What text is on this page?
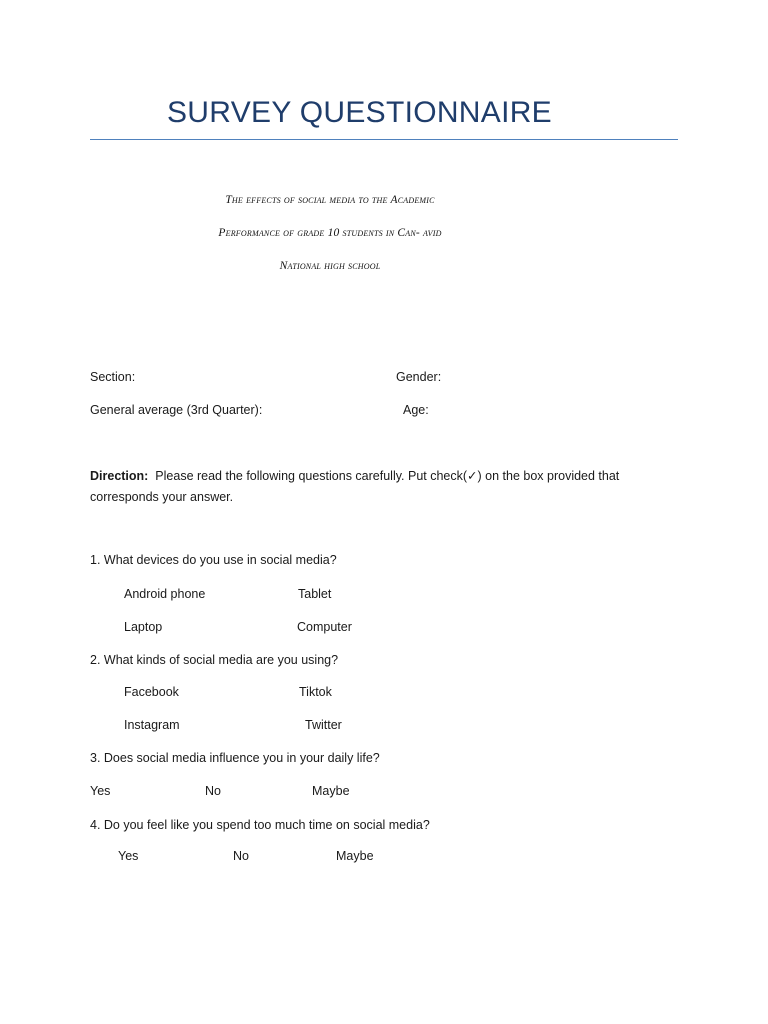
SURVEY QUESTIONNAIRE
The effects of social media to the Academic
Performance of grade 10 students in Can- avid
National high school
Section:	Gender:
General average (3rd Quarter):	Age:
Direction: Please read the following questions carefully. Put check(✓) on the box provided that corresponds your answer.
1. What devices do you use in social media?
Android phone	Tablet
Laptop	Computer
2. What kinds of social media are you using?
Facebook	Tiktok
Instagram	Twitter
3. Does social media influence you in your daily life?
Yes	No	Maybe
4. Do you feel like you spend too much time on social media?
Yes	No	Maybe
